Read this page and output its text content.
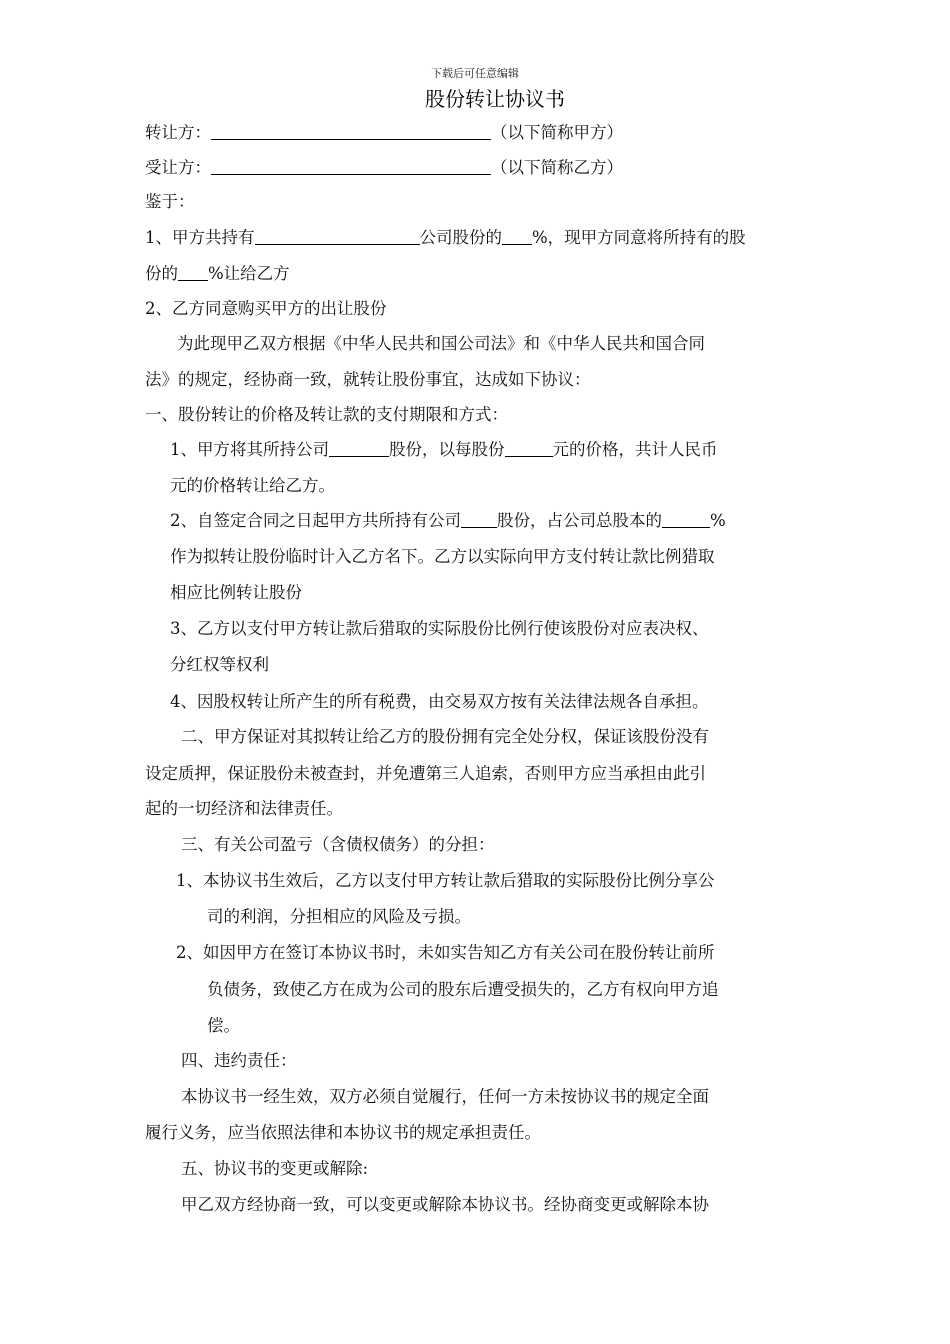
下载后可任意编辑
股份转让协议书
转让方：	（以下简称甲方）
受让方：	（以下简称乙方）
鉴于：
1、甲方共持有	公司股份的 %，现甲方同意将所持有的股
份的 %让给乙方
2、乙方同意购买甲方的出让股份
为此现甲乙双方根据《中华人民共和国公司法》和《中华人民共和国合同
法》的规定，经协商一致，就转让股份事宜，达成如下协议：
一、股份转让的价格及转让款的支付期限和方式：
1、甲方将其所持公司	股份，以每股份	元的价格，共计人民币
元的价格转让给乙方。
2、自签定合同之日起甲方共所持有公司 股份，占公司总股本的	%
作为拟转让股份临时计入乙方名下。乙方以实际向甲方支付转让款比例猎取
相应比例转让股份
3、乙方以支付甲方转让款后猎取的实际股份比例行使该股份对应表决权、
分红权等权利
4、因股权转让所产生的所有税费，由交易双方按有关法律法规各自承担。
二、甲方保证对其拟转让给乙方的股份拥有完全处分权，保证该股份没有
设定质押，保证股份未被查封，并免遭第三人追索，否则甲方应当承担由此引
起的一切经济和法律责任。
三、有关公司盈亏（含债权债务）的分担：
1、本协议书生效后，乙方以支付甲方转让款后猎取的实际股份比例分享公
司的利润，分担相应的风险及亏损。
2、如因甲方在签订本协议书时，未如实告知乙方有关公司在股份转让前所
负债务，致使乙方在成为公司的股东后遭受损失的，乙方有权向甲方追
偿。
四、违约责任：
本协议书一经生效，双方必须自觉履行，任何一方未按协议书的规定全面
履行义务，应当依照法律和本协议书的规定承担责任。
五、协议书的变更或解除:
甲乙双方经协商一致，可以变更或解除本协议书。经协商变更或解除本协
